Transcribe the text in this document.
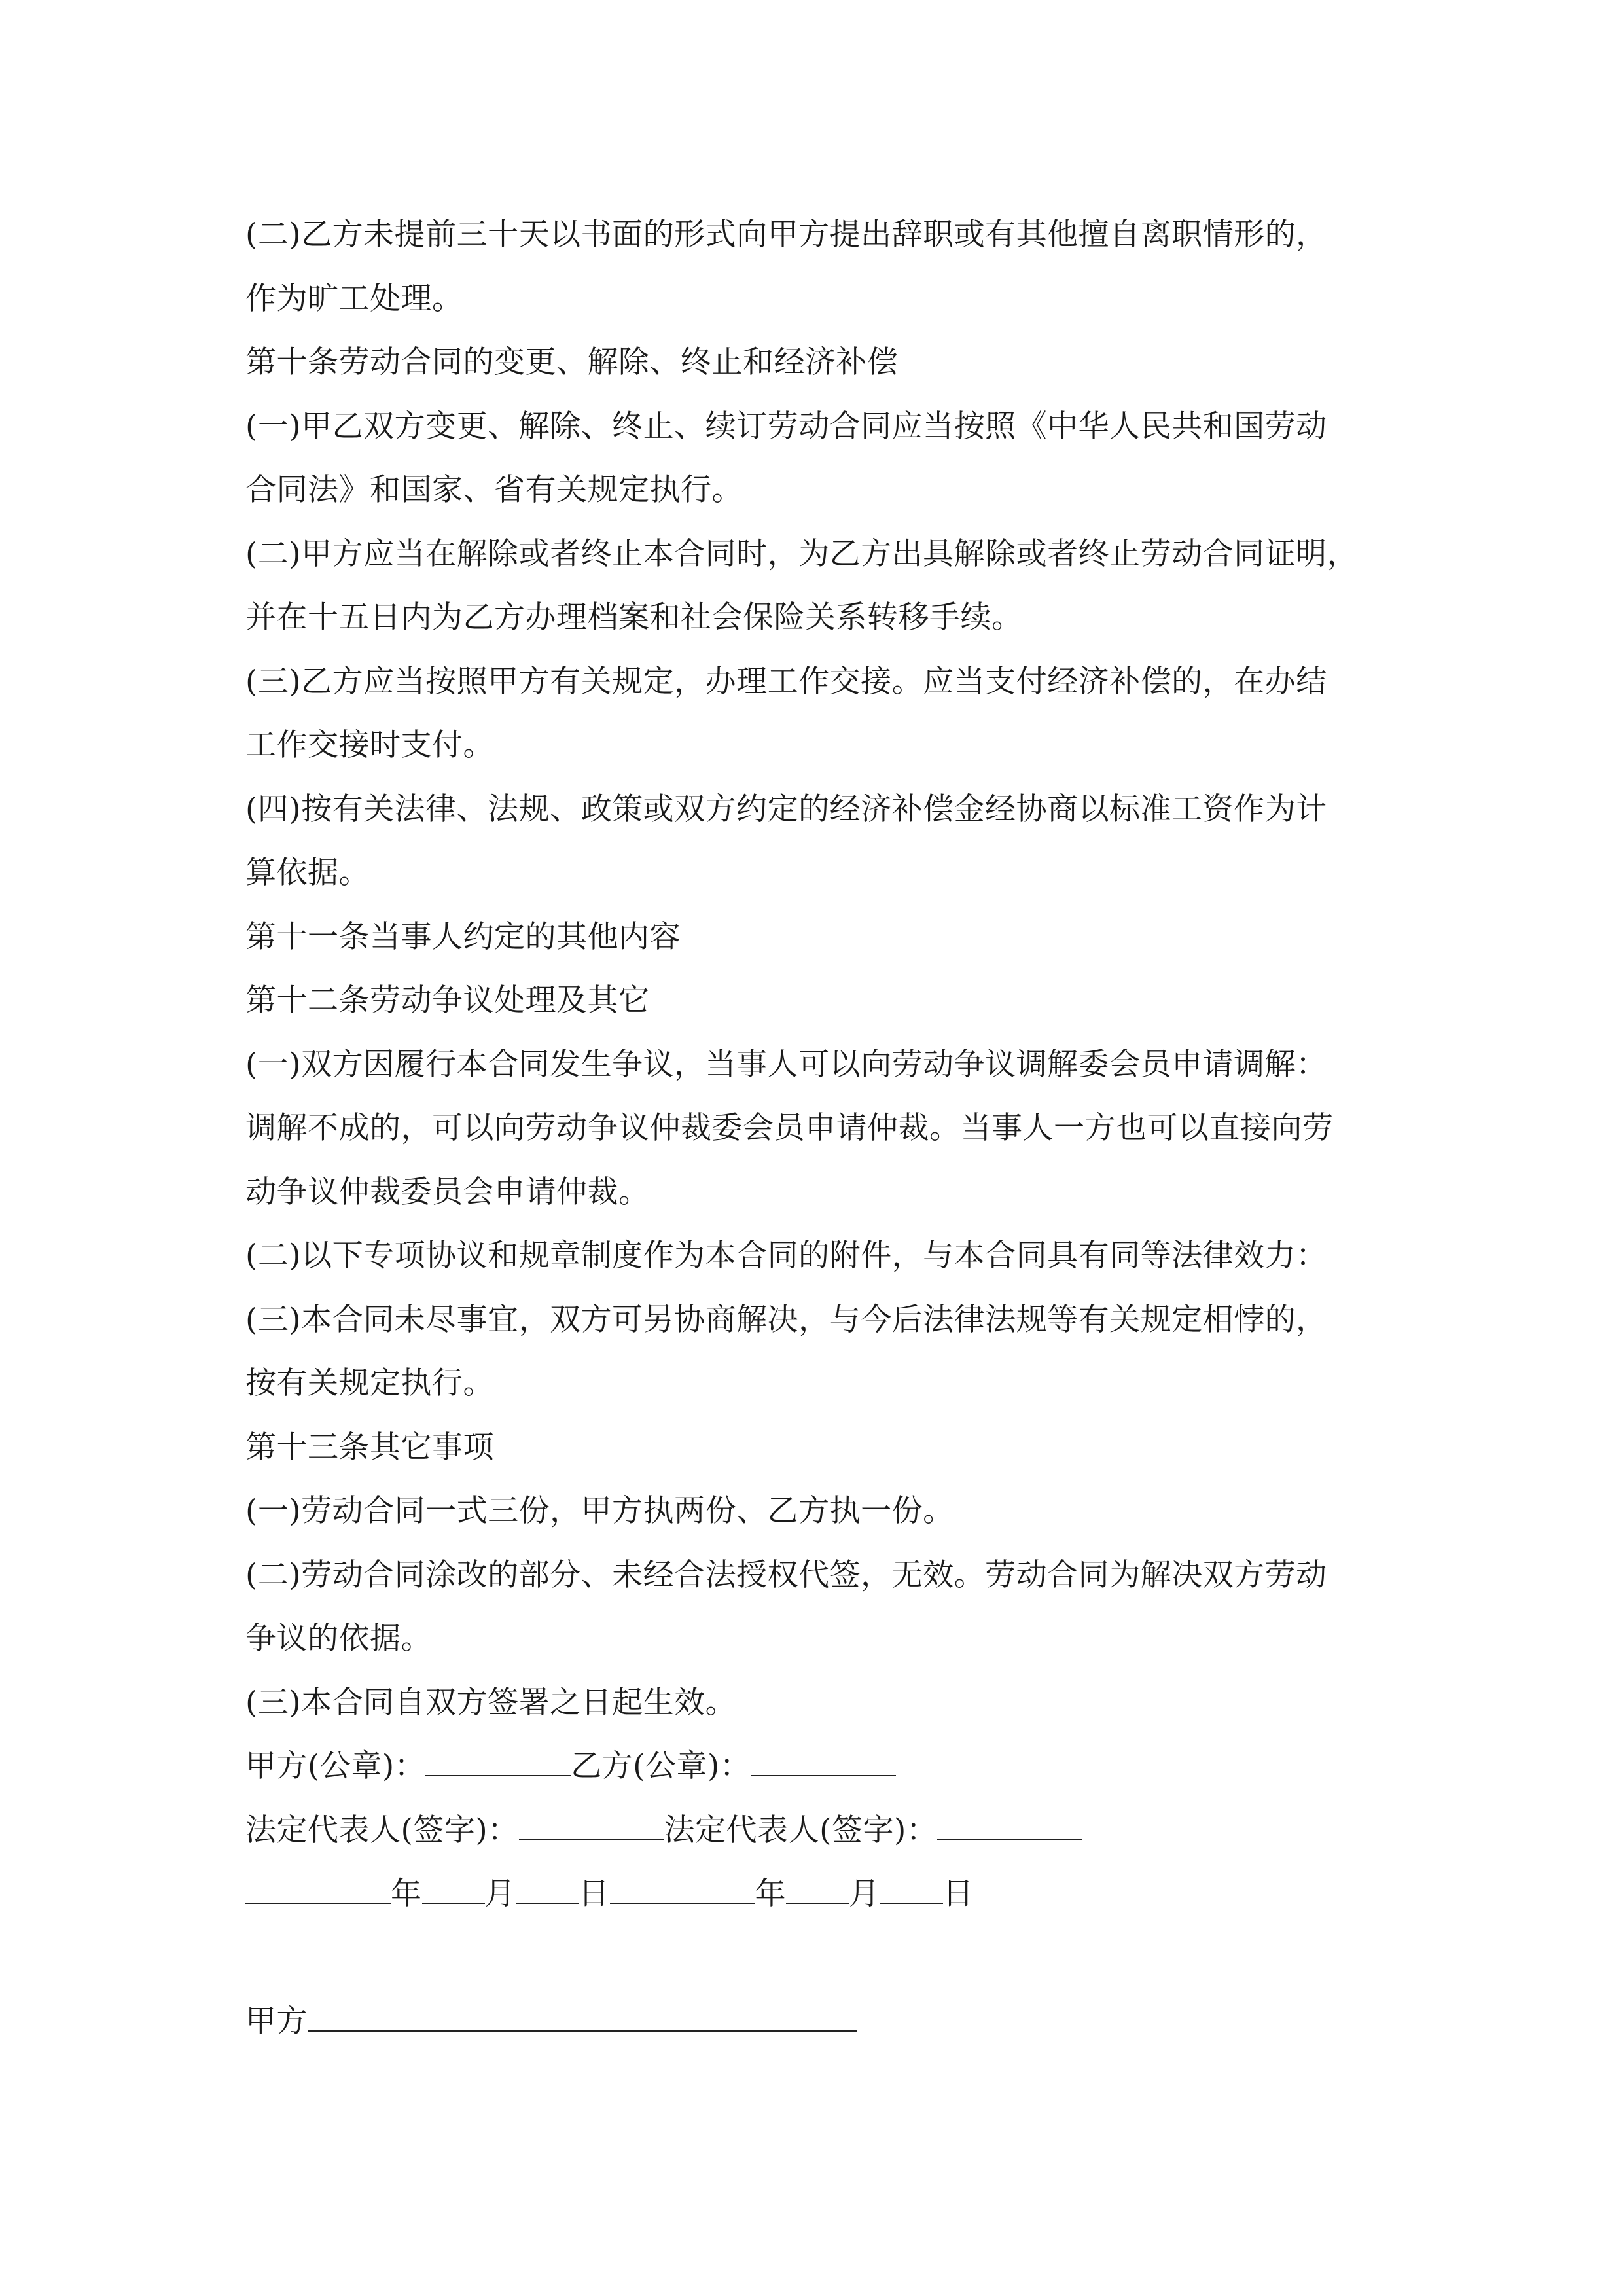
(二)乙方未提前三十天以书面的形式向甲方提出辞职或有其他擅自离职情形的，
作为旷工处理。
第十条劳动合同的变更、解除、终止和经济补偿
(一)甲乙双方变更、解除、终止、续订劳动合同应当按照《中华人民共和国劳动
合同法》和国家、省有关规定执行。
(二)甲方应当在解除或者终止本合同时，为乙方出具解除或者终止劳动合同证明，
并在十五日内为乙方办理档案和社会保险关系转移手续。
(三)乙方应当按照甲方有关规定，办理工作交接。应当支付经济补偿的，在办结
工作交接时支付。
(四)按有关法律、法规、政策或双方约定的经济补偿金经协商以标准工资作为计
算依据。
第十一条当事人约定的其他内容
第十二条劳动争议处理及其它
(一)双方因履行本合同发生争议，当事人可以向劳动争议调解委会员申请调解：
调解不成的，可以向劳动争议仲裁委会员申请仲裁。当事人一方也可以直接向劳
动争议仲裁委员会申请仲裁。
(二)以下专项协议和规章制度作为本合同的附件，与本合同具有同等法律效力：
(三)本合同未尽事宜，双方可另协商解决，与今后法律法规等有关规定相悖的，
按有关规定执行。
第十三条其它事项
(一)劳动合同一式三份，甲方执两份、乙方执一份。
(二)劳动合同涂改的部分、未经合法授权代签，无效。劳动合同为解决双方劳动
争议的依据。
(三)本合同自双方签署之日起生效。
甲方(公章)：	乙方(公章)：
法定代表人(签字)：	法定代表人(签字)：
年 月 日	年 月 日
甲方
